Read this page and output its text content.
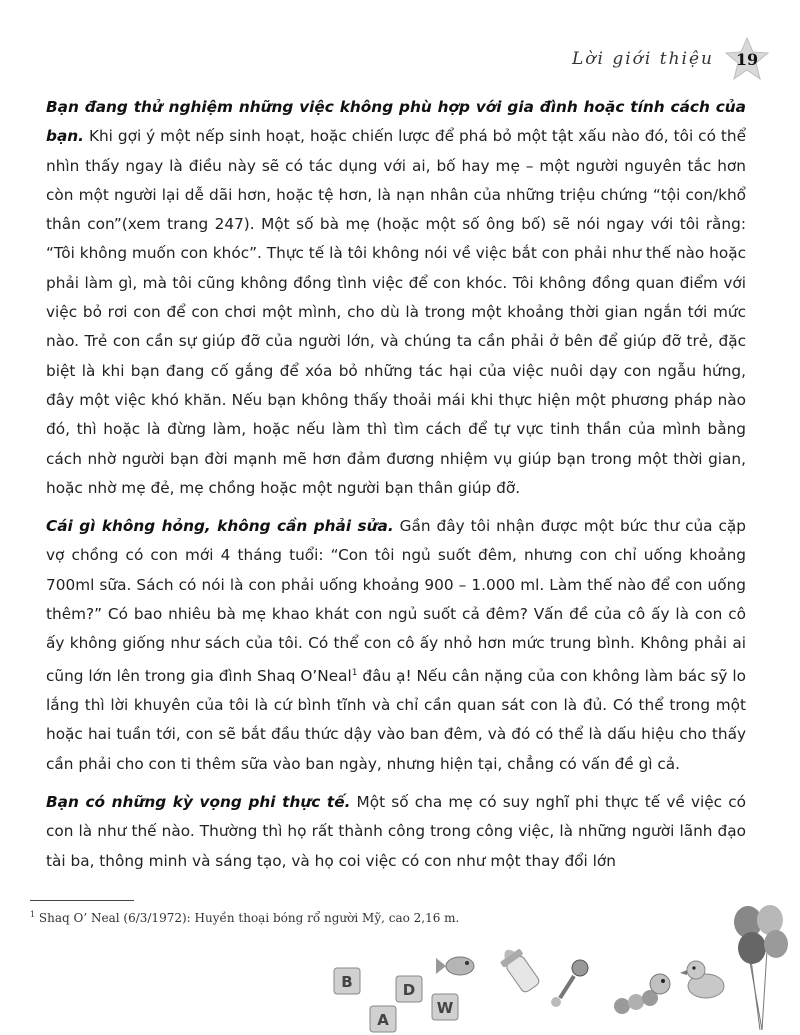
Lời giới thiệu 19

Bạn đang thử nghiệm những việc không phù hợp với gia đình hoặc tính cách của bạn. Khi gợi ý một nếp sinh hoạt, hoặc chiến lược để phá bỏ một tật xấu nào đó, tôi có thể nhìn thấy ngay là điều này sẽ có tác dụng với ai, bố hay mẹ – một người nguyên tắc hơn còn một người lại dễ dãi hơn, hoặc tệ hơn, là nạn nhân của những triệu chứng “tội con/khổ thân con”(xem trang 247). Một số bà mẹ (hoặc một số ông bố) sẽ nói ngay với tôi rằng: “Tôi không muốn con khóc”. Thực tế là tôi không nói về việc bắt con phải như thế nào hoặc phải làm gì, mà tôi cũng không đồng tình việc để con khóc. Tôi không đồng quan điểm với việc bỏ rơi con để con chơi một mình, cho dù là trong một khoảng thời gian ngắn tới mức nào. Trẻ con cần sự giúp đỡ của người lớn, và chúng ta cần phải ở bên để giúp đỡ trẻ, đặc biệt là khi bạn đang cố gắng để xóa bỏ những tác hại của việc nuôi dạy con ngẫu hứng, đây một việc khó khăn. Nếu bạn không thấy thoải mái khi thực hiện một phương pháp nào đó, thì hoặc là đừng làm, hoặc nếu làm thì tìm cách để tự vực tinh thần của mình bằng cách nhờ người bạn đời mạnh mẽ hơn đảm đương nhiệm vụ giúp bạn trong một thời gian, hoặc nhờ mẹ đẻ, mẹ chồng hoặc một người bạn thân giúp đỡ.

Cái gì không hỏng, không cần phải sửa. Gần đây tôi nhận được một bức thư của cặp vợ chồng có con mới 4 tháng tuổi: “Con tôi ngủ suốt đêm, nhưng con chỉ uống khoảng 700ml sữa. Sách có nói là con phải uống khoảng 900 – 1.000 ml. Làm thế nào để con uống thêm?” Có bao nhiêu bà mẹ khao khát con ngủ suốt cả đêm? Vấn đề của cô ấy là con cô ấy không giống như sách của tôi. Có thể con cô ấy nhỏ hơn mức trung bình. Không phải ai cũng lớn lên trong gia đình Shaq O’Neal$^1$ đâu ạ! Nếu cân nặng của con không làm bác sỹ lo lắng thì lời khuyên của tôi là cứ bình tĩnh và chỉ cần quan sát con là đủ. Có thể trong một hoặc hai tuần tới, con sẽ bắt đầu thức dậy vào ban đêm, và đó có thể là dấu hiệu cho thấy cần phải cho con ti thêm sữa vào ban ngày, nhưng hiện tại, chẳng có vấn đề gì cả.

Bạn có những kỳ vọng phi thực tế. Một số cha mẹ có suy nghĩ phi thực tế về việc có con là như thế nào. Thường thì họ rất thành công trong công việc, là những người lãnh đạo tài ba, thông minh và sáng tạo, và họ coi việc có con như một thay đổi lớn

$^1$ Shaq O’ Neal (6/3/1972): Huyền thoại bóng rổ người Mỹ, cao 2,16 m.
B
A
D
W
